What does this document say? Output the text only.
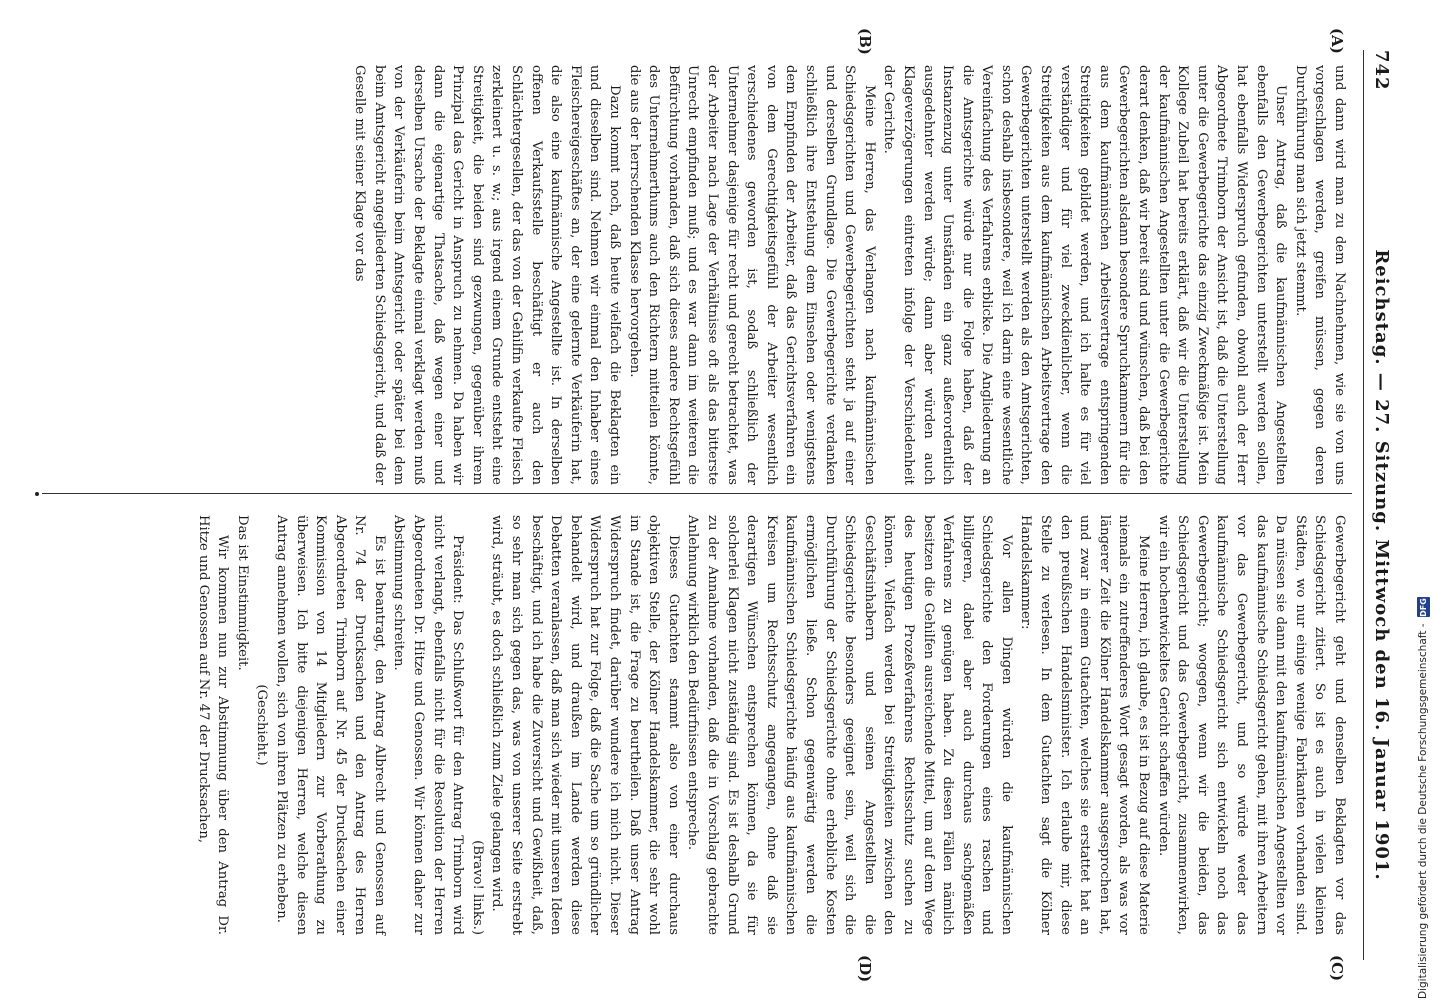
742
Reichstag. — 27. Sitzung. Mittwoch den 16. Januar 1901.
(A)
(B)
(C)
(D)

und dann wird man zu dem Nachnehmen, wie sie von uns vorgeschlagen werden, greifen müssen, gegen deren Durchführung man sich jetzt stemmt.

Unser Antrag, daß die kaufmännischen Angestellten ebenfalls den Gewerbegerichten unterstellt werden sollen, hat ebenfalls Widerspruch gefunden, obwohl auch der Herr Abgeordnete Trimborn der Ansicht ist, daß die Unterstellung unter die Gewerbegerichte das einzig Zweckmäßige ist. Mein Kollege Zubeil hat bereits erklärt, daß wir die Unterstellung der kaufmännischen Angestellten unter die Gewerbegerichte derart denken, daß wir bereit sind und wünschen, daß bei den Gewerbegerichten alsdann besondere Spruchkammern für die aus dem kaufmännischen Arbeitsvertrage entspringenden Streitigkeiten gebildet werden, und ich halte es für viel verständiger und für viel zweckdienlicher, wenn die Streitigkeiten aus dem kaufmännischen Arbeitsvertrage den Gewerbegerichten unterstellt werden als den Amtsgerichten, schon deshalb insbesondere, weil ich darin eine wesentliche Vereinfachung des Verfahrens erblicke. Die Angliederung an die Amtsgerichte würde nur die Folge haben, daß der Instanzenzug unter Umständen ein ganz außerordentlich ausgedehnter werden würde; dann aber würden auch Klageverzögerungen eintreten infolge der Verschiedenheit der Gerichte.

Meine Herren, das Verlangen nach kaufmännischen Schiedsgerichten und Gewerbegerichten steht ja auf einer und derselben Grundlage. Die Gewerbegerichte verdanken schließlich ihre Entstehung dem Einsehen oder wenigstens dem Empfinden der Arbeiter, daß das Gerichtsverfahren ein von dem Gerechtigkeitsgefühl der Arbeiter wesentlich verschiedenes geworden ist, sodaß schließlich der Unternehmer dasjenige für recht und gerecht betrachtet, was der Arbeiter nach Lage der Verhältnisse oft als das bitterste Unrecht empfinden muß; und es war dann im weiteren die Befürchtung vorhanden, daß sich dieses andere Rechtsgefühl des Unternehmerthums auch den Richtern mitteilen könnte, die aus der herrschenden Klasse hervorgehen.

Dazu kommt noch, daß heute vielfach die Beklagten ein und dieselben sind. Nehmen wir einmal den Inhaber eines Fleischereigeschäftes an, der eine gelernte Verkäuferin hat, die also eine kaufmännische Angestellte ist. In derselben offenen Verkaufsstelle beschäftigt er auch den Schlächtergesellen, der das von der Gehilfin verkaufte Fleisch zerkleinert u. s. w.; aus irgend einem Grunde entsteht eine Streitigkeit, die beiden sind gezwungen, gegenüber ihrem Prinzipal das Gericht in Anspruch zu nehmen. Da haben wir dann die eigenartige Thatsache, daß wegen einer und derselben Ursache der Beklagte einmal verklagt werden muß von der Verkäuferin beim Amtsgericht oder später bei dem beim Amtsgericht angegliederten Schiedsgericht, und daß der Geselle mit seiner Klage vor das

Gewerbegericht geht und denselben Beklagten vor das Schiedsgericht zitiert. So ist es auch in vielen kleinen Städten, wo nur einige wenige Fabrikanten vorhanden sind. Da müssen sie dann mit den kaufmännischen Angestellten vor das kaufmännische Schiedsgericht gehen, mit ihren Arbeitern vor das Gewerbegericht, und so würde weder das kaufmännische Schiedsgericht sich entwickeln noch das Gewerbegericht; wogegen, wenn wir die beiden, das Schiedsgericht und das Gewerbegericht, zusammenwirken, wir ein hochentwickeltes Gericht schaffen würden.

Meine Herren, ich glaube, es ist in Bezug auf diese Materie niemals ein zutreffenderes Wort gesagt worden, als was vor längerer Zeit die Kölner Handelskammer ausgesprochen hat, und zwar in einem Gutachten, welches sie erstattet hat an den preußischen Handelsminister. Ich erlaube mir, diese Stelle zu verlesen. In dem Gutachten sagt die Kölner Handelskammer:

Vor allen Dingen würden die kaufmännischen Schiedsgerichte den Forderungen eines raschen und billigeren, dabei aber auch durchaus sachgemäßen Verfahrens zu genügen haben. Zu diesen Fällen nämlich besitzen die Gehilfen ausreichende Mittel, um auf dem Wege des heutigen Prozeßverfahrens Rechtsschutz suchen zu können. Vielfach werden bei Streitigkeiten zwischen den Geschäftsinhabern und seinen Angestellten die Schiedsgerichte besonders geeignet sein, weil sich die Durchführung der Schiedsgerichte ohne erhebliche Kosten ermöglichen ließe. Schon gegenwärtig werden die kaufmännischen Schiedsgerichte häufig aus kaufmännischen Kreisen um Rechtsschutz angegangen, ohne daß sie derartigen Wünschen entsprechen können, da sie für solcherlei Klagen nicht zuständig sind. Es ist deshalb Grund zu der Annahme vorhanden, daß die in Vorschlag gebrachte Anlehnung wirklich den Bedürfnissen entspreche.

Dieses Gutachten stammt also von einer durchaus objektiven Stelle, der Kölner Handelskammer, die sehr wohl im Stande ist, die Frage zu beurtheilen. Daß unser Antrag Widerspruch findet, darüber wundere ich mich nicht. Dieser Widerspruch hat zur Folge, daß die Sache um so gründlicher behandelt wird, und draußen im Lande werden diese Debatten veranlassen, daß man sich wieder mit unseren Ideen beschäftigt, und ich habe die Zuversicht und Gewißheit, daß, so sehr man sich gegen das, was von unserer Seite erstrebt wird, sträubt, es doch schließlich zum Ziele gelangen wird.

(Bravo! links.)

Präsident: Das Schlußwort für den Antrag Trimborn wird nicht verlangt, ebenfalls nicht für die Resolution der Herren Abgeordneten Dr. Hitze und Genossen. Wir können daher zur Abstimmung schreiten.

Es ist beantragt, den Antrag Albrecht und Genossen auf Nr. 74 der Drucksachen und den Antrag des Herren Abgeordneten Trimborn auf Nr. 45 der Drucksachen einer Kommission von 14 Mitgliedern zur Vorberathung zu überweisen. Ich bitte diejenigen Herren, welche diesen Antrag annehmen wollen, sich von ihren Plätzen zu erheben.

(Geschieht.)

Das ist Einstimmigkeit.

Wir kommen nun zur Abstimmung über den Antrag Dr. Hitze und Genossen auf Nr. 47 der Drucksachen,	Digitalisierung gefördert durch die Deutsche Forschungsgemeinschaft -
DFG
